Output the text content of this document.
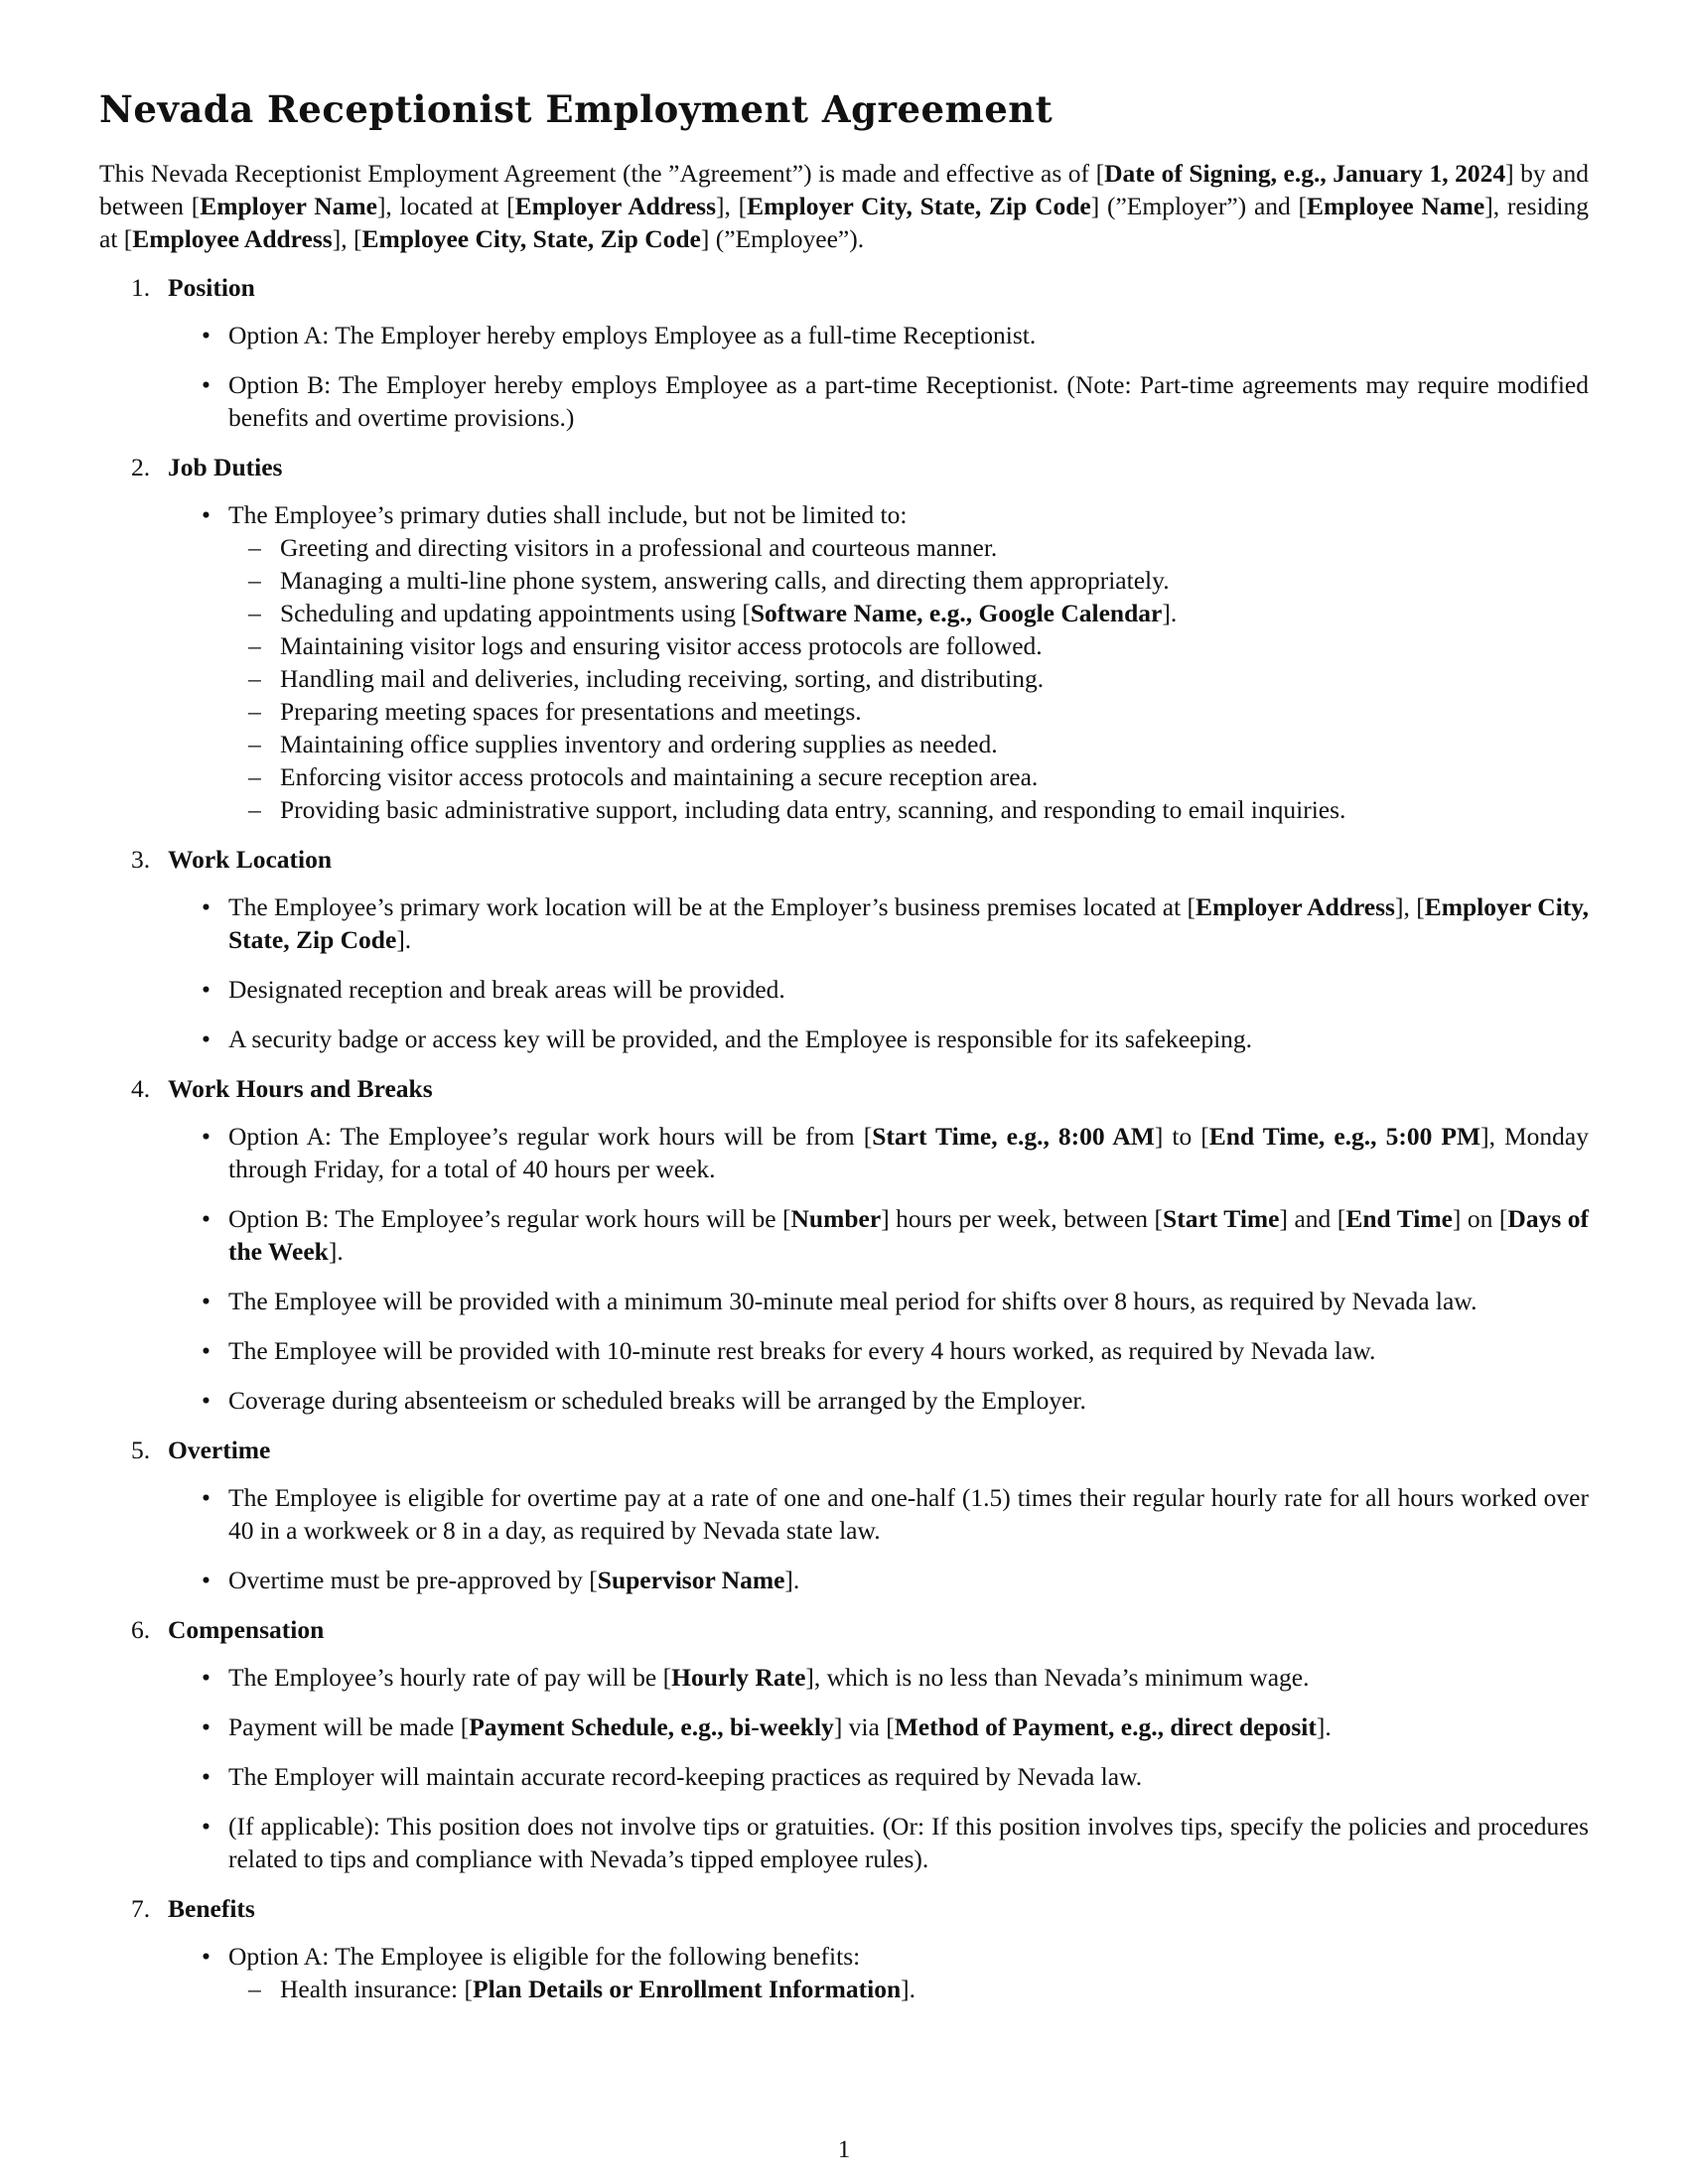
Nevada Receptionist Employment Agreement

This Nevada Receptionist Employment Agreement (the ”Agreement”) is made and effective as of [Date of Signing, e.g., January 1, 2024] by and between [Employer Name], located at [Employer Address], [Employer City, State, Zip Code] (”Employer”) and [Employee Name], residing at [Employee Address], [Employee City, State, Zip Code] (”Employee”).

1. Position
• Option A: The Employer hereby employs Employee as a full-time Receptionist.
• Option B: The Employer hereby employs Employee as a part-time Receptionist. (Note: Part-time agreements may require modified benefits and overtime provisions.)
2. Job Duties
• The Employee’s primary duties shall include, but not be limited to:
– Greeting and directing visitors in a professional and courteous manner.
– Managing a multi-line phone system, answering calls, and directing them appropriately.
– Scheduling and updating appointments using [Software Name, e.g., Google Calendar].
– Maintaining visitor logs and ensuring visitor access protocols are followed.
– Handling mail and deliveries, including receiving, sorting, and distributing.
– Preparing meeting spaces for presentations and meetings.
– Maintaining office supplies inventory and ordering supplies as needed.
– Enforcing visitor access protocols and maintaining a secure reception area.
– Providing basic administrative support, including data entry, scanning, and responding to email inquiries.
3. Work Location
• The Employee’s primary work location will be at the Employer’s business premises located at [Employer Address], [Employer City, State, Zip Code].
• Designated reception and break areas will be provided.
• A security badge or access key will be provided, and the Employee is responsible for its safekeeping.
4. Work Hours and Breaks
• Option A: The Employee’s regular work hours will be from [Start Time, e.g., 8:00 AM] to [End Time, e.g., 5:00 PM], Monday through Friday, for a total of 40 hours per week.
• Option B: The Employee’s regular work hours will be [Number] hours per week, between [Start Time] and [End Time] on [Days of the Week].
• The Employee will be provided with a minimum 30-minute meal period for shifts over 8 hours, as required by Nevada law.
• The Employee will be provided with 10-minute rest breaks for every 4 hours worked, as required by Nevada law.
• Coverage during absenteeism or scheduled breaks will be arranged by the Employer.
5. Overtime
• The Employee is eligible for overtime pay at a rate of one and one-half (1.5) times their regular hourly rate for all hours worked over 40 in a workweek or 8 in a day, as required by Nevada state law.
• Overtime must be pre-approved by [Supervisor Name].
6. Compensation
• The Employee’s hourly rate of pay will be [Hourly Rate], which is no less than Nevada’s minimum wage.
• Payment will be made [Payment Schedule, e.g., bi-weekly] via [Method of Payment, e.g., direct deposit].
• The Employer will maintain accurate record-keeping practices as required by Nevada law.
• (If applicable): This position does not involve tips or gratuities. (Or: If this position involves tips, specify the policies and procedures related to tips and compliance with Nevada’s tipped employee rules).
7. Benefits
• Option A: The Employee is eligible for the following benefits:
– Health insurance: [Plan Details or Enrollment Information].
1
